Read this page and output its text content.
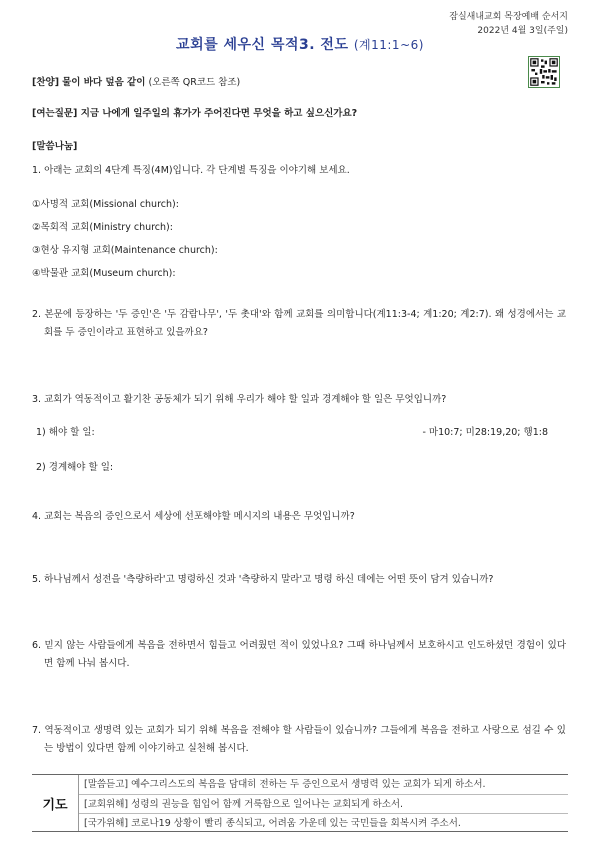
잠실새내교회 목장예배 순서지
2022년 4월 3일(주일)
교회를 세우신 목적3. 전도 (계11:1~6)
[찬양] 물이 바다 덮음 같이 (오른쪽 QR코드 참조)
[여는질문] 지금 나에게 일주일의 휴가가 주어진다면 무엇을 하고 싶으신가요?
[말씀나눔]
1. 아래는 교회의 4단계 특징(4M)입니다. 각 단계별 특징을 이야기해 보세요.
①사명적 교회(Missional church):
②목회적 교회(Ministry church):
③현상 유지형 교회(Maintenance church):
④박물관 교회(Museum church):
2. 본문에 등장하는 '두 증인'은 '두 감람나무', '두 촛대'와 함께 교회를 의미합니다(계11:3-4; 계1:20; 계2:7). 왜 성경에서는 교회를 두 증인이라고 표현하고 있을까요?
3. 교회가 역동적이고 활기찬 공동체가 되기 위해 우리가 해야 할 일과 경계해야 할 일은 무엇입니까?
1) 해야 할 일:	- 마10:7; 미28:19,20; 행1:8
2) 경계해야 할 일:
4. 교회는 복음의 증인으로서 세상에 선포해야할 메시지의 내용은 무엇입니까?
5. 하나님께서 성전을 '측량하라'고 명령하신 것과 '측량하지 말라'고 명령 하신 데에는 어떤 뜻이 담겨 있습니까?
6. 믿지 않는 사람들에게 복음을 전하면서 힘들고 어려웠던 적이 있었나요? 그때 하나님께서 보호하시고 인도하셨던 경험이 있다면 함께 나눠 봅시다.
7. 역동적이고 생명력 있는 교회가 되기 위해 복음을 전해야 할 사람들이 있습니까? 그들에게 복음을 전하고 사랑으로 섬길 수 있는 방법이 있다면 함께 이야기하고 실천해 봅시다.
기도
[말씀듣고] 예수그리스도의 복음을 담대히 전하는 두 증인으로서 생명력 있는 교회가 되게 하소서.
[교회위해] 성령의 권능을 힘입어 함께 거룩함으로 일어나는 교회되게 하소서.
[국가위해] 코로나19 상황이 빨리 종식되고, 어려움 가운데 있는 국민들을 회복시켜 주소서.
